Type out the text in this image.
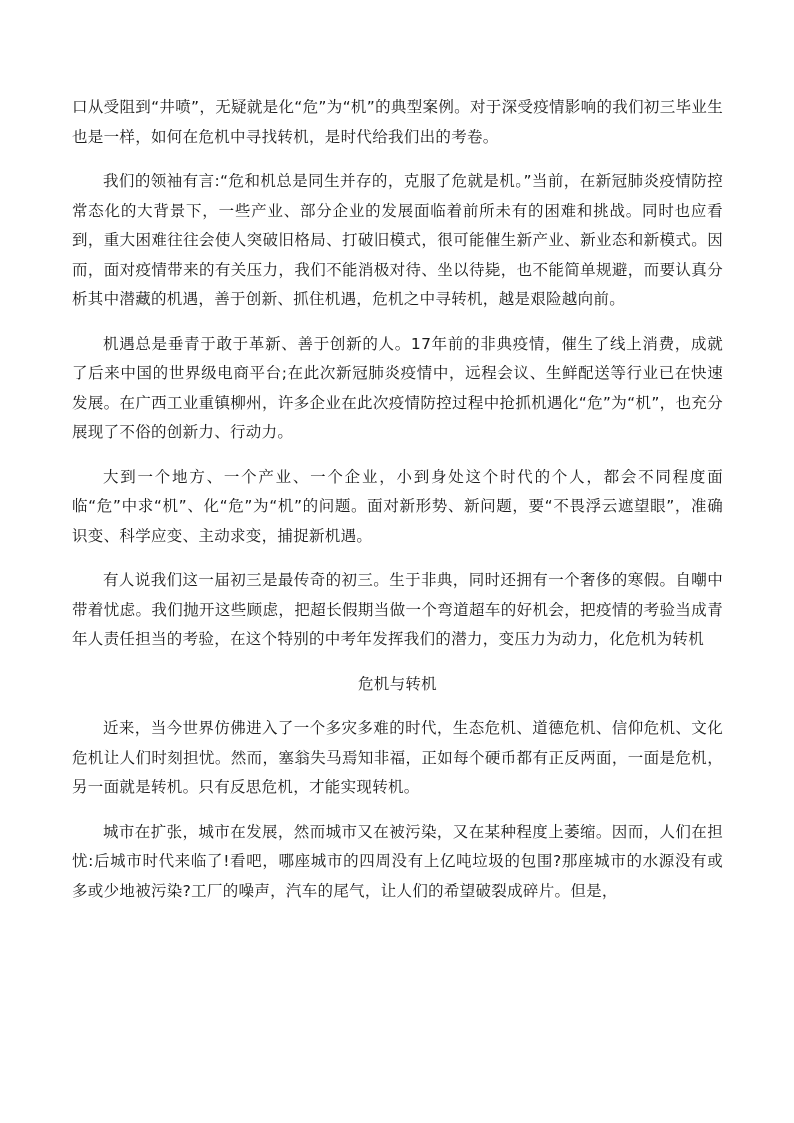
口从受阻到“井喷”，无疑就是化“危”为“机”的典型案例。对于深受疫情影响的我们初三毕业生也是一样，如何在危机中寻找转机，是时代给我们出的考卷。

我们的领袖有言:“危和机总是同生并存的，克服了危就是机。”当前，在新冠肺炎疫情防控常态化的大背景下，一些产业、部分企业的发展面临着前所未有的困难和挑战。同时也应看到，重大困难往往会使人突破旧格局、打破旧模式，很可能催生新产业、新业态和新模式。因而，面对疫情带来的有关压力，我们不能消极对待、坐以待毙，也不能简单规避，而要认真分析其中潜藏的机遇，善于创新、抓住机遇，危机之中寻转机，越是艰险越向前。

机遇总是垂青于敢于革新、善于创新的人。17年前的非典疫情，催生了线上消费，成就了后来中国的世界级电商平台;在此次新冠肺炎疫情中，远程会议、生鲜配送等行业已在快速发展。在广西工业重镇柳州，许多企业在此次疫情防控过程中抢抓机遇化“危”为“机”，也充分展现了不俗的创新力、行动力。

大到一个地方、一个产业、一个企业，小到身处这个时代的个人，都会不同程度面临“危”中求“机”、化“危”为“机”的问题。面对新形势、新问题，要“不畏浮云遮望眼”，准确识变、科学应变、主动求变，捕捉新机遇。

有人说我们这一届初三是最传奇的初三。生于非典，同时还拥有一个奢侈的寒假。自嘲中带着忧虑。我们抛开这些顾虑，把超长假期当做一个弯道超车的好机会，把疫情的考验当成青年人责任担当的考验，在这个特别的中考年发挥我们的潜力，变压力为动力，化危机为转机

危机与转机

近来，当今世界仿佛进入了一个多灾多难的时代，生态危机、道德危机、信仰危机、文化危机让人们时刻担忧。然而，塞翁失马焉知非福，正如每个硬币都有正反两面，一面是危机，另一面就是转机。只有反思危机，才能实现转机。

城市在扩张，城市在发展，然而城市又在被污染，又在某种程度上萎缩。因而，人们在担忧:后城市时代来临了!看吧，哪座城市的四周没有上亿吨垃圾的包围?那座城市的水源没有或多或少地被污染?工厂的噪声，汽车的尾气，让人们的希望破裂成碎片。但是，
